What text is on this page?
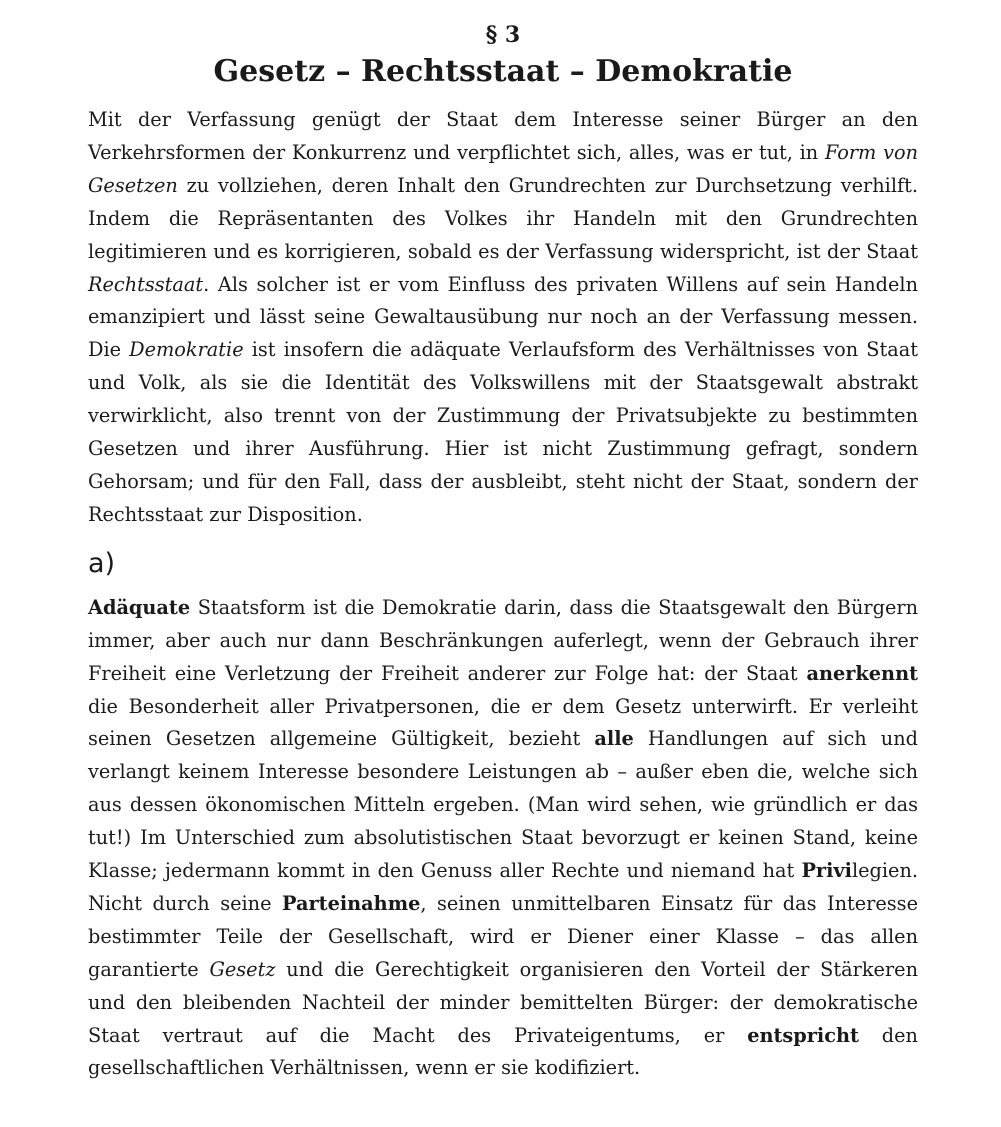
§ 3

Gesetz – Rechtsstaat – Demokratie

Mit der Verfassung genügt der Staat dem Interesse seiner Bürger an den Verkehrsformen der Konkurrenz und verpflichtet sich, alles, was er tut, in Form von Gesetzen zu vollziehen, deren Inhalt den Grundrechten zur Durchsetzung verhilft. Indem die Repräsentanten des Volkes ihr Handeln mit den Grundrechten legitimieren und es korrigieren, sobald es der Verfassung widerspricht, ist der Staat Rechtsstaat. Als solcher ist er vom Einfluss des privaten Willens auf sein Handeln emanzipiert und lässt seine Gewaltausübung nur noch an der Verfassung messen. Die Demokratie ist insofern die adäquate Verlaufsform des Verhältnisses von Staat und Volk, als sie die Identität des Volkswillens mit der Staatsgewalt abstrakt verwirklicht, also trennt von der Zustimmung der Privatsubjekte zu bestimmten Gesetzen und ihrer Ausführung. Hier ist nicht Zustimmung gefragt, sondern Gehorsam; und für den Fall, dass der ausbleibt, steht nicht der Staat, sondern der Rechtsstaat zur Disposition.

a)

Adäquate Staatsform ist die Demokratie darin, dass die Staatsgewalt den Bürgern immer, aber auch nur dann Beschränkungen auferlegt, wenn der Gebrauch ihrer Freiheit eine Verletzung der Freiheit anderer zur Folge hat: der Staat anerkennt die Besonderheit aller Privatpersonen, die er dem Gesetz unterwirft. Er verleiht seinen Gesetzen allgemeine Gültigkeit, bezieht alle Handlungen auf sich und verlangt keinem Interesse besondere Leistungen ab – außer eben die, welche sich aus dessen ökonomischen Mitteln ergeben. (Man wird sehen, wie gründlich er das tut!) Im Unterschied zum absolutistischen Staat bevorzugt er keinen Stand, keine Klasse; jedermann kommt in den Genuss aller Rechte und niemand hat Privilegien. Nicht durch seine Parteinahme, seinen unmittelbaren Einsatz für das Interesse bestimmter Teile der Gesellschaft, wird er Diener einer Klasse – das allen garantierte Gesetz und die Gerechtigkeit organisieren den Vorteil der Stärkeren und den bleibenden Nachteil der minder bemittelten Bürger: der demokratische Staat vertraut auf die Macht des Privateigentums, er entspricht den gesellschaftlichen Verhältnissen, wenn er sie kodifiziert.
